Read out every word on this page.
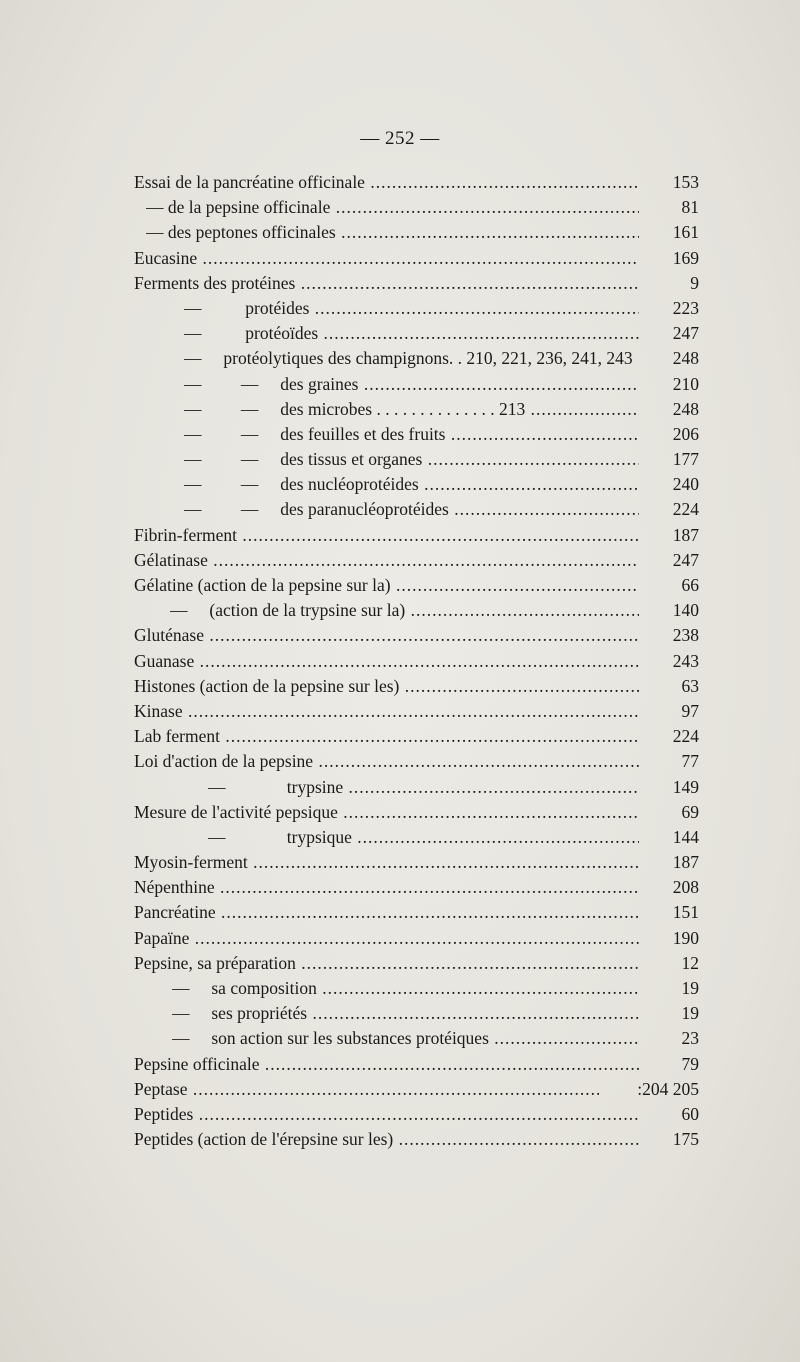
— 252 —
Essai de la pancréatine officinale .....	153
— de la pepsine officinale .....	81
— des peptones officinales .....	161
Eucasine .....	169
Ferments des protéines .....	9
—          protéides .....	223
—          protéoïdes .....	247
—     protéolytiques des champignons. . 210, 221, 236, 241, 243 .....	248
—         —     des graines .....	210
—         —     des microbes . . . . . . . . . . . . . . 213 .....	248
—         —     des feuilles et des fruits .....	206
—         —     des tissus et organes .....	177
—         —     des nucléoprotéides .....	240
—         —     des paranucléoprotéides .....	224
Fibrin-ferment .....	187
Gélatinase .....	247
Gélatine (action de la pepsine sur la) .....	66
—     (action de la trypsine sur la) .....	140
Gluténase .....	238
Guanase .....	243
Histones (action de la pepsine sur les) .....	63
Kinase .....	97
Lab ferment .....	224
Loi d'action de la pepsine .....	77
—              trypsine .....	149
Mesure de l'activité pepsique .....	69
—              trypsique .....	144
Myosin-ferment .....	187
Népenthine .....	208
Pancréatine .....	151
Papaïne .....	190
Pepsine, sa préparation .....	12
—     sa composition .....	19
—     ses propriétés .....	19
—     son action sur les substances protéiques .....	23
Pepsine officinale .....	79
Peptase .....	:204 205
Peptides .....	60
Peptides (action de l'érepsine sur les) .....	175
